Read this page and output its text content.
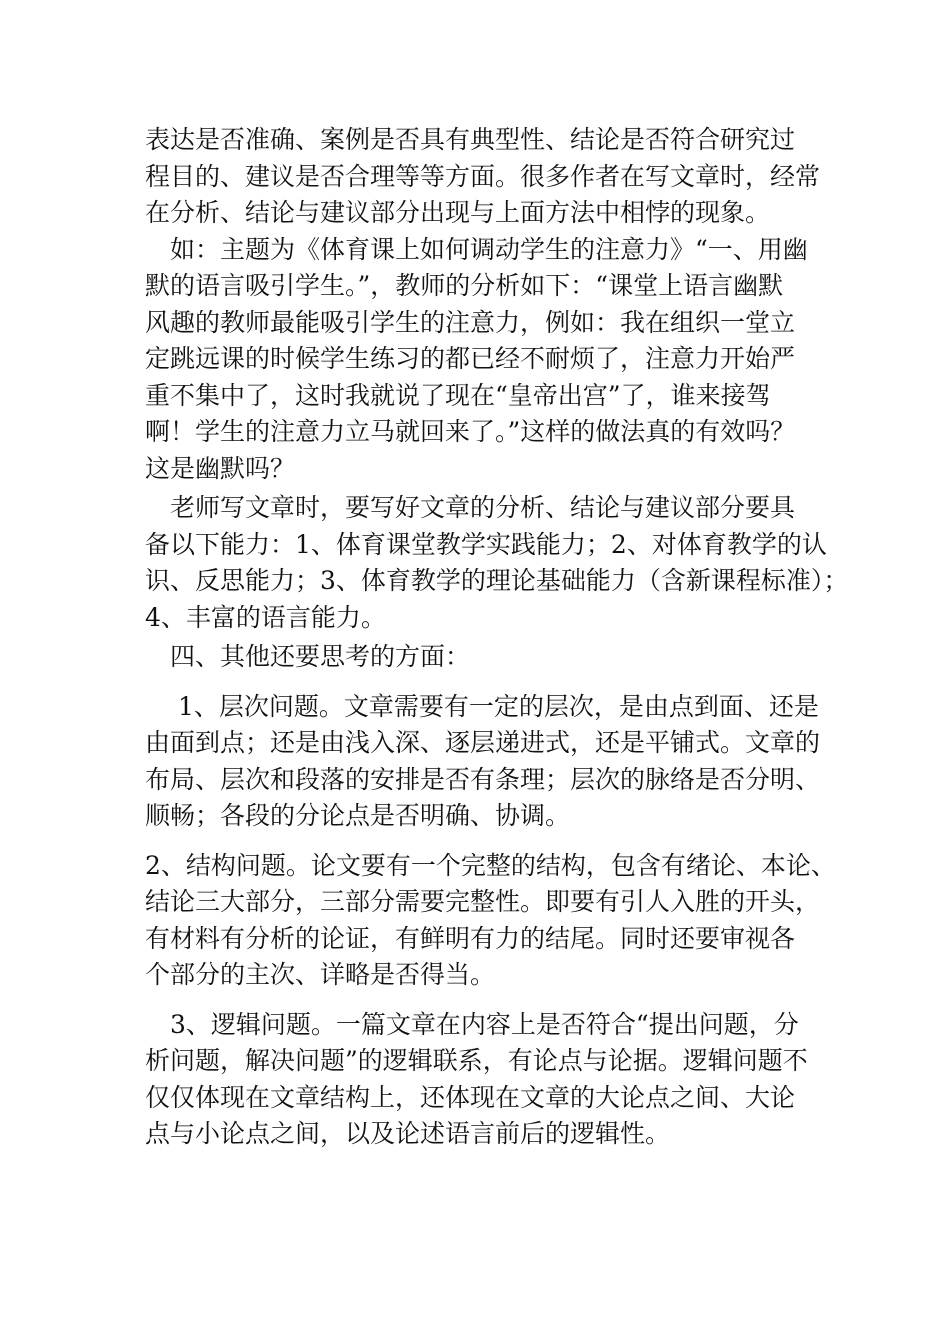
表达是否准确、案例是否具有典型性、结论是否符合研究过
程目的、建议是否合理等等方面。很多作者在写文章时，经常
在分析、结论与建议部分出现与上面方法中相悖的现象。
　如：主题为《体育课上如何调动学生的注意力》“一、用幽
默的语言吸引学生。”，教师的分析如下：“课堂上语言幽默
风趣的教师最能吸引学生的注意力，例如：我在组织一堂立
定跳远课的时候学生练习的都已经不耐烦了，注意力开始严
重不集中了，这时我就说了现在“皇帝出宫”了，谁来接驾
啊！学生的注意力立马就回来了。”这样的做法真的有效吗？
这是幽默吗？
　老师写文章时，要写好文章的分析、结论与建议部分要具
备以下能力：1、体育课堂教学实践能力；2、对体育教学的认
识、反思能力；3、体育教学的理论基础能力（含新课程标准）；
4、丰富的语言能力。
　四、其他还要思考的方面：
　 1、层次问题。文章需要有一定的层次，是由点到面、还是
由面到点；还是由浅入深、逐层递进式，还是平铺式。文章的
布局、层次和段落的安排是否有条理；层次的脉络是否分明、
顺畅；各段的分论点是否明确、协调。
2、结构问题。论文要有一个完整的结构，包含有绪论、本论、
结论三大部分，三部分需要完整性。即要有引人入胜的开头，
有材料有分析的论证，有鲜明有力的结尾。同时还要审视各
个部分的主次、详略是否得当。
　3、逻辑问题。一篇文章在内容上是否符合“提出问题，分
析问题，解决问题”的逻辑联系，有论点与论据。逻辑问题不
仅仅体现在文章结构上，还体现在文章的大论点之间、大论
点与小论点之间，以及论述语言前后的逻辑性。
